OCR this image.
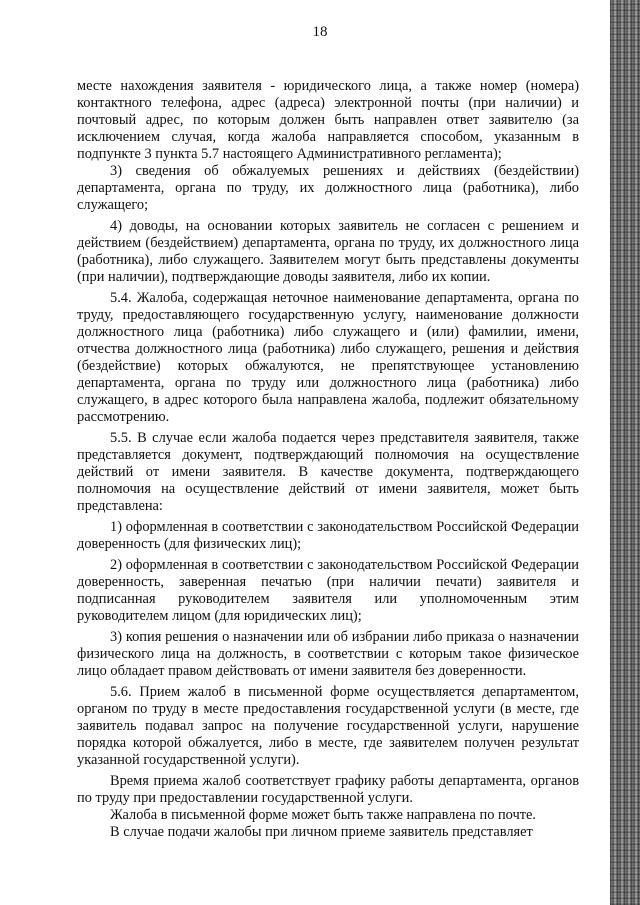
18

месте нахождения заявителя - юридического лица, а также номер (номера) контактного телефона, адрес (адреса) электронной почты (при наличии) и почтовый адрес, по которым должен быть направлен ответ заявителю (за исключением случая, когда жалоба направляется способом, указанным в подпункте 3 пункта 5.7 настоящего Административного регламента);

3) сведения об обжалуемых решениях и действиях (бездействии) департамента, органа по труду, их должностного лица (работника), либо служащего;

4) доводы, на основании которых заявитель не согласен с решением и действием (бездействием) департамента, органа по труду, их должностного лица (работника), либо служащего. Заявителем могут быть представлены документы (при наличии), подтверждающие доводы заявителя, либо их копии.

5.4. Жалоба, содержащая неточное наименование департамента, органа по труду, предоставляющего государственную услугу, наименование должности должностного лица (работника) либо служащего и (или) фамилии, имени, отчества должностного лица (работника) либо служащего, решения и действия (бездействие) которых обжалуются, не препятствующее установлению департамента, органа по труду или должностного лица (работника) либо служащего, в адрес которого была направлена жалоба, подлежит обязательному рассмотрению.

5.5. В случае если жалоба подается через представителя заявителя, также представляется документ, подтверждающий полномочия на осуществление действий от имени заявителя. В качестве документа, подтверждающего полномочия на осуществление действий от имени заявителя, может быть представлена:

1) оформленная в соответствии с законодательством Российской Федерации доверенность (для физических лиц);

2) оформленная в соответствии с законодательством Российской Федерации доверенность, заверенная печатью (при наличии печати) заявителя и подписанная руководителем заявителя или уполномоченным этим руководителем лицом (для юридических лиц);

3) копия решения о назначении или об избрании либо приказа о назначении физического лица на должность, в соответствии с которым такое физическое лицо обладает правом действовать от имени заявителя без доверенности.

5.6. Прием жалоб в письменной форме осуществляется департаментом, органом по труду в месте предоставления государственной услуги (в месте, где заявитель подавал запрос на получение государственной услуги, нарушение порядка которой обжалуется, либо в месте, где заявителем получен результат указанной государственной услуги).

Время приема жалоб соответствует графику работы департамента, органов по труду при предоставлении государственной услуги.

Жалоба в письменной форме может быть также направлена по почте.

В случае подачи жалобы при личном приеме заявитель представляет
